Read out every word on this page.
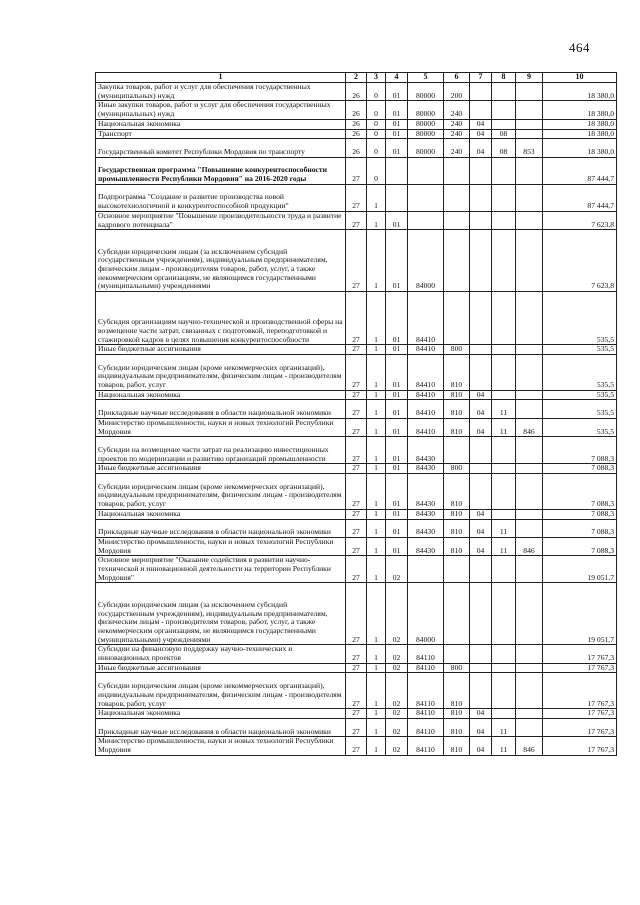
464
1	2	3	4	5	6	7	8	9	10
Закупка товаров, работ и услуг для обеспечения государственных (муниципальных) нужд	26	0	01	80000	200				18 380,0
Иные закупки товаров, работ и услуг для обеспечения государственных (муниципальных) нужд	26	0	01	80000	240				18 380,0
Национальная экономика	26	0	01	80000	240	04			18 380,0
Транспорт	26	0	01	80000	240	04	08		18 380,0
Государственный комитет Республики Мордовия по транспорту	26	0	01	80000	240	04	08	853	18 380,0
Государственная программа "Повышение конкурентоспособности промышленности Республики Мордовия" на 2016-2020 годы	27	0							87 444,7
Подпрограмма "Создание и развитие производства новой высокотехнологичной и конкурентоспособной продукции"	27	1							87 444,7
Основное мероприятие "Повышение производительности труда и развитие кадрового потенциала"	27	1	01						7 623,8
Субсидии юридическим лицам (за исключением субсидий государственным учреждениям), индивидуальным предпринимателям, физическим лицам - производителям товаров, работ, услуг, а также некоммерческим организациям, не являющимся государственными (муниципальными) учреждениями	27	1	01	84000					7 623,8
Субсидия организациям научно-технической и производственной сферы на возмещение части затрат, связанных с подготовкой, переподготовкой и стажировкой кадров в целях повышения конкурентоспособности	27	1	01	84410					535,5
Иные бюджетные ассигнования	27	1	01	84410	800				535,5
Субсидии юридическим лицам (кроме некоммерческих организаций), индивидуальным предпринимателям, физическим лицам - производителям товаров, работ, услуг	27	1	01	84410	810				535,5
Национальная экономика	27	1	01	84410	810	04			535,5
Прикладные научные исследования в области национальной экономики	27	1	01	84410	810	04	11		535,5
Министерство промышленности, науки и новых технологий Республики Мордовия	27	1	01	84410	810	04	11	846	535,5
Субсидии на возмещение части затрат на реализацию инвестиционных проектов по модернизации и развитию организаций промышленности	27	1	01	84430					7 088,3
Иные бюджетные ассигнования	27	1	01	84430	800				7 088,3
Субсидии юридическим лицам (кроме некоммерческих организаций), индивидуальным предпринимателям, физическим лицам - производителям товаров, работ, услуг	27	1	01	84430	810				7 088,3
Национальная экономика	27	1	01	84430	810	04			7 088,3
Прикладные научные исследования в области национальной экономики	27	1	01	84430	810	04	11		7 088,3
Министерство промышленности, науки и новых технологий Республики Мордовия	27	1	01	84430	810	04	11	846	7 088,3
Основное мероприятие "Оказание содействия в развитии научно-технической и инновационной деятельности на территории Республики Мордовия"	27	1	02						19 051,7
Субсидии юридическим лицам (за исключением субсидий государственным учреждениям), индивидуальным предпринимателям, физическим лицам - производителям товаров, работ, услуг, а также некоммерческим организациям, не являющимся государственными (муниципальными) учреждениями	27	1	02	84000					19 051,7
Субсидии на финансовую поддержку научно-технических и инновационных проектов	27	1	02	84110					17 767,3
Иные бюджетные ассигнования	27	1	02	84110	800				17 767,3
Субсидии юридическим лицам (кроме некоммерческих организаций), индивидуальным предпринимателям, физическим лицам - производителям товаров, работ, услуг	27	1	02	84110	810				17 767,3
Национальная экономика	27	1	02	84110	810	04			17 767,3
Прикладные научные исследования в области национальной экономики	27	1	02	84110	810	04	11		17 767,3
Министерство промышленности, науки и новых технологий Республики Мордовия	27	1	02	84110	810	04	11	846	17 767,3
